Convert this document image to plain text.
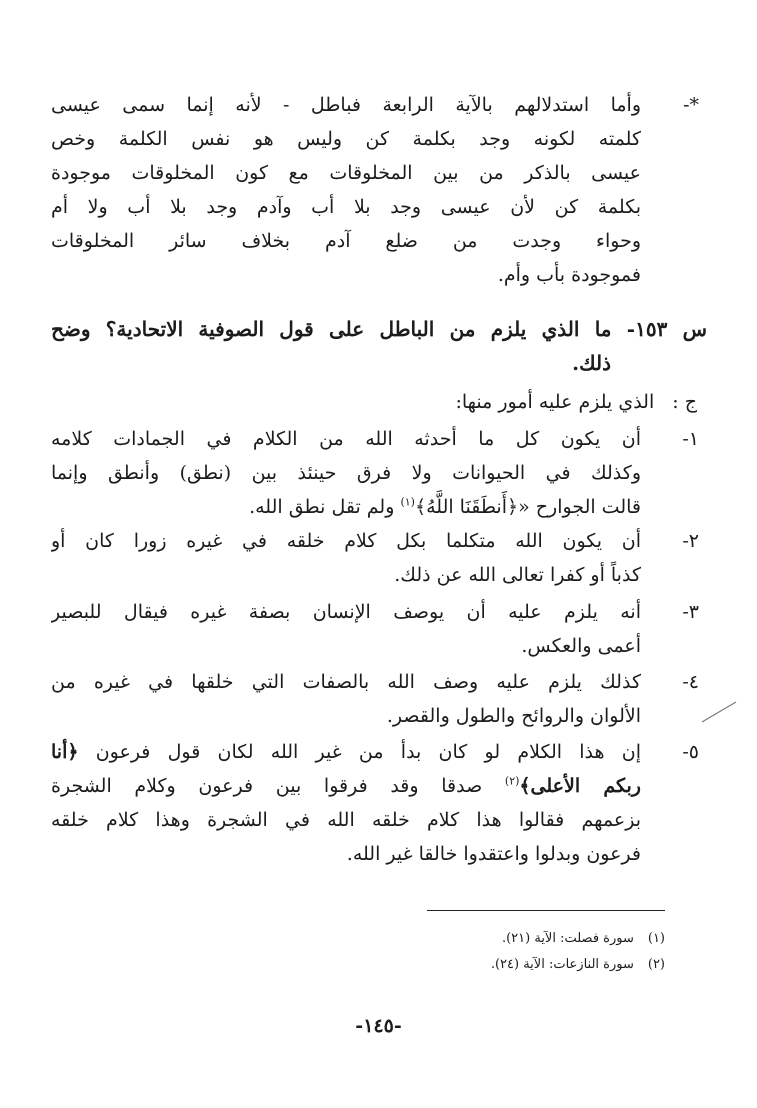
*-
وأما استدلالهم بالآية الرابعة فباطل - لأنه إنما سمى عيسى
كلمته لكونه وجد بكلمة كن وليس هو نفس الكلمة وخص
عيسى بالذكر من بين المخلوقات مع كون المخلوقات موجودة
بكلمة كن لأن عيسى وجد بلا أب وآدم وجد بلا أب ولا أم
وحواء وجدت من ضلع آدم بخلاف سائر المخلوقات
فموجودة بأب وأم.
س ١٥٣- ما الذي يلزم من الباطل على قول الصوفية الاتحادية؟ وضح
ذلك.
ج : الذي يلزم عليه أمور منها:
١-
أن يكون كل ما أحدثه الله من الكلام في الجمادات كلامه
وكذلك في الحيوانات ولا فرق حينئذ بين (نطق) وأنطق وإنما
قالت الجوارح «﴿أَنطَقَنَا اللَّهُ﴾$^{(١)}$ ولم تقل نطق الله.
٢-
أن يكون الله متكلما بكل كلام خلقه في غيره زورا كان أو
كذباً أو كفرا تعالى الله عن ذلك.
٣-
أنه يلزم عليه أن يوصف الإنسان بصفة غيره فيقال للبصير
أعمى والعكس.
٤-
كذلك يلزم عليه وصف الله بالصفات التي خلقها في غيره من
الألوان والروائح والطول والقصر.
٥-
إن هذا الكلام لو كان بدأ من غير الله لكان قول فرعون ﴿أنا
ربكم الأعلى﴾$^{(٢)}$ صدقا وقد فرقوا بين فرعون وكلام الشجرة
بزعمهم فقالوا هذا كلام خلقه الله في الشجرة وهذا كلام خلقه
فرعون وبدلوا واعتقدوا خالقا غير الله.
(١)سورة فصلت: الآية (٢١).
(٢)سورة النازعات: الآية (٢٤).
-١٤٥-
